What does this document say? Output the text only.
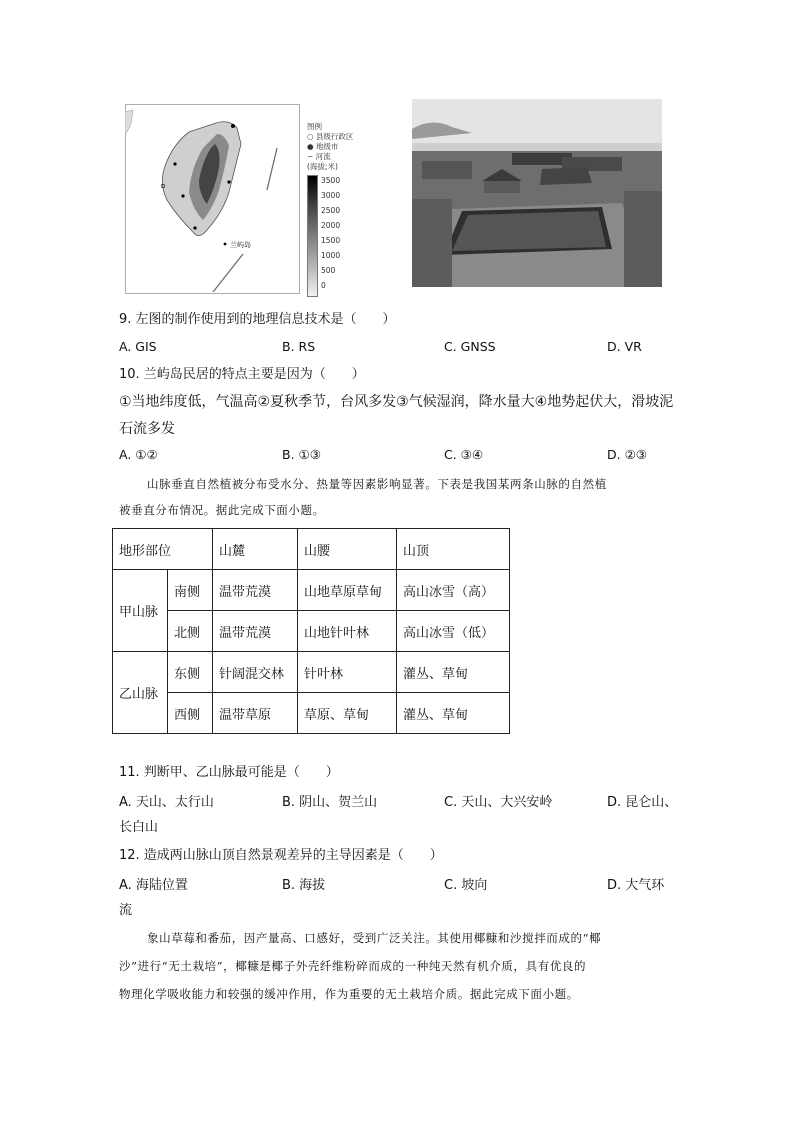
兰屿岛
图例
○ 县级行政区
● 地级市
∽ 河流
(海拔;米)
3500
3000
2500
2000
1500
1000
500
0
9. 左图的制作使用到的地理信息技术是（　　）
A. GIS	B. RS	C. GNSS	D. VR
10. 兰屿岛民居的特点主要是因为（　　）
①当地纬度低，气温高②夏秋季节，台风多发③气候湿润，降水量大④地势起伏大，滑坡泥
石流多发
A. ①②	B. ①③	C. ③④	D. ②③
山脉垂直自然植被分布受水分、热量等因素影响显著。下表是我国某两条山脉的自然植
被垂直分布情况。据此完成下面小题。
地形部位		山麓	山腰	山顶
甲山脉	南侧	温带荒漠	山地草原草甸	高山冰雪（高）
	北侧	温带荒漠	山地针叶林	高山冰雪（低）
乙山脉	东侧	针阔混交林	针叶林	灌丛、草甸
	西侧	温带草原	草原、草甸	灌丛、草甸
11. 判断甲、乙山脉最可能是（　　）
A. 天山、太行山	B. 阴山、贺兰山	C. 天山、大兴安岭	D. 昆仑山、
长白山
12. 造成两山脉山顶自然景观差异的主导因素是（　　）
A. 海陆位置	B. 海拔	C. 坡向	D. 大气环
流
象山草莓和番茄，因产量高、口感好，受到广泛关注。其使用椰糠和沙搅拌而成的“椰
沙”进行“无土栽培”，椰糠是椰子外壳纤维粉碎而成的一种纯天然有机介质，具有优良的
物理化学吸收能力和较强的缓冲作用，作为重要的无土栽培介质。据此完成下面小题。
